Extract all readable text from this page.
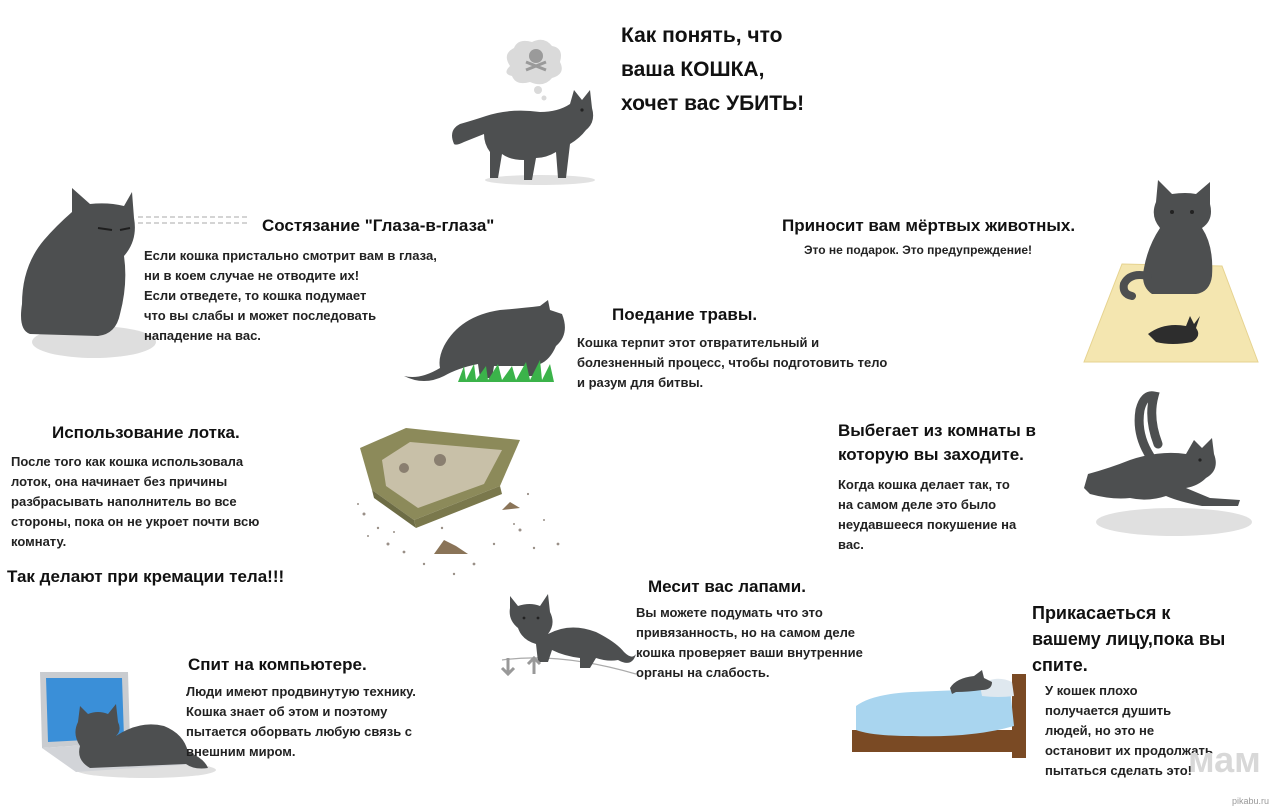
Как понять, что
ваша КОШКА,
хочет вас УБИТЬ!
Состязание "Глаза-в-глаза"
Если кошка пристально смотрит вам в глаза,
ни в коем случае не отводите их!
Если отведете, то кошка подумает
что вы слабы и может последовать
нападение на вас.
Приносит вам мёртвых животных.
Это не подарок. Это предупреждение!
Поедание травы.
Кошка терпит этот отвратительный и
болезненный процесс, чтобы подготовить тело
и разум для битвы.
Использование лотка.
После того как кошка использовала
лоток, она начинает без причины
разбрасывать наполнитель во все
стороны, пока он не укроет почти всю
комнату.
Так делают при кремации тела!!!
Выбегает из комнаты в
которую вы заходите.
Когда кошка делает так, то
на самом деле это было
неудавшееся покушение на
вас.
Месит вас лапами.
Вы можете подумать что это
привязанность, но на самом деле
кошка проверяет ваши внутренние
органы на слабость.
Прикасаеться к
вашему лицу,пока вы
спите.
У кошек плохо
получается душить
людей, но это не
остановит их продолжать
пытаться сделать это!
Спит на компьютере.
Люди имеют продвинутую технику.
Кошка знает об этом и поэтому
пытается оборвать любую связь с
внешним миром.	мам
pikabu.ru
